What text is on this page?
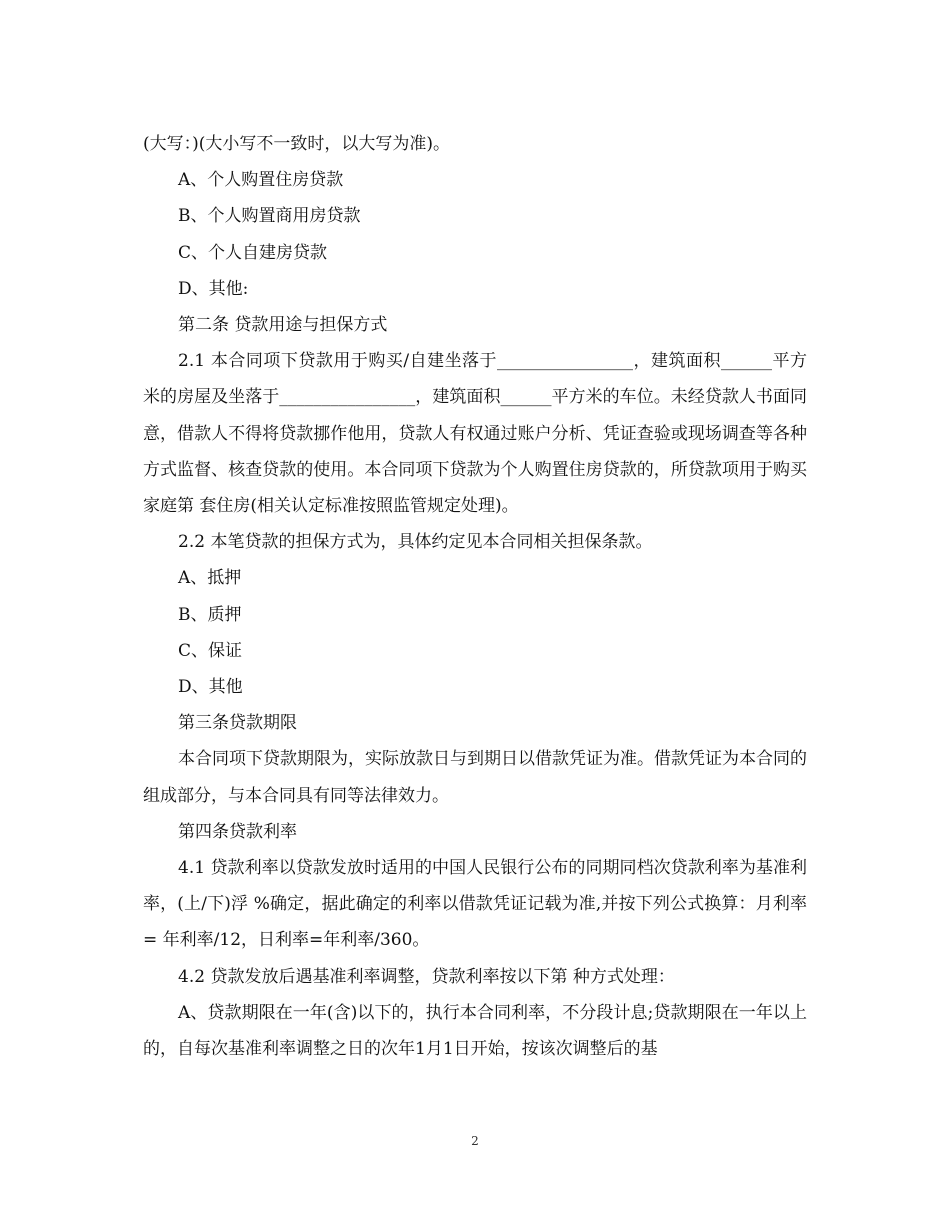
(大写：)(大小写不一致时，以大写为准)。

A、个人购置住房贷款

B、个人购置商用房贷款

C、个人自建房贷款

D、其他:

第二条 贷款用途与担保方式

2.1 本合同项下贷款用于购买/自建坐落于________________，建筑面积______平方米的房屋及坐落于________________，建筑面积______平方米的车位。未经贷款人书面同意，借款人不得将贷款挪作他用，贷款人有权通过账户分析、凭证查验或现场调查等各种方式监督、核查贷款的使用。本合同项下贷款为个人购置住房贷款的，所贷款项用于购买家庭第 套住房(相关认定标准按照监管规定处理)。

2.2 本笔贷款的担保方式为，具体约定见本合同相关担保条款。

A、抵押

B、质押

C、保证

D、其他

第三条贷款期限

本合同项下贷款期限为，实际放款日与到期日以借款凭证为准。借款凭证为本合同的组成部分，与本合同具有同等法律效力。

第四条贷款利率

4.1 贷款利率以贷款发放时适用的中国人民银行公布的同期同档次贷款利率为基准利率，(上/下)浮 %确定，据此确定的利率以借款凭证记载为准,并按下列公式换算：月利率= 年利率/12，日利率=年利率/360。

4.2 贷款发放后遇基准利率调整，贷款利率按以下第 种方式处理：

A、贷款期限在一年(含)以下的，执行本合同利率，不分段计息;贷款期限在一年以上的，自每次基准利率调整之日的次年1月1日开始，按该次调整后的基

2
